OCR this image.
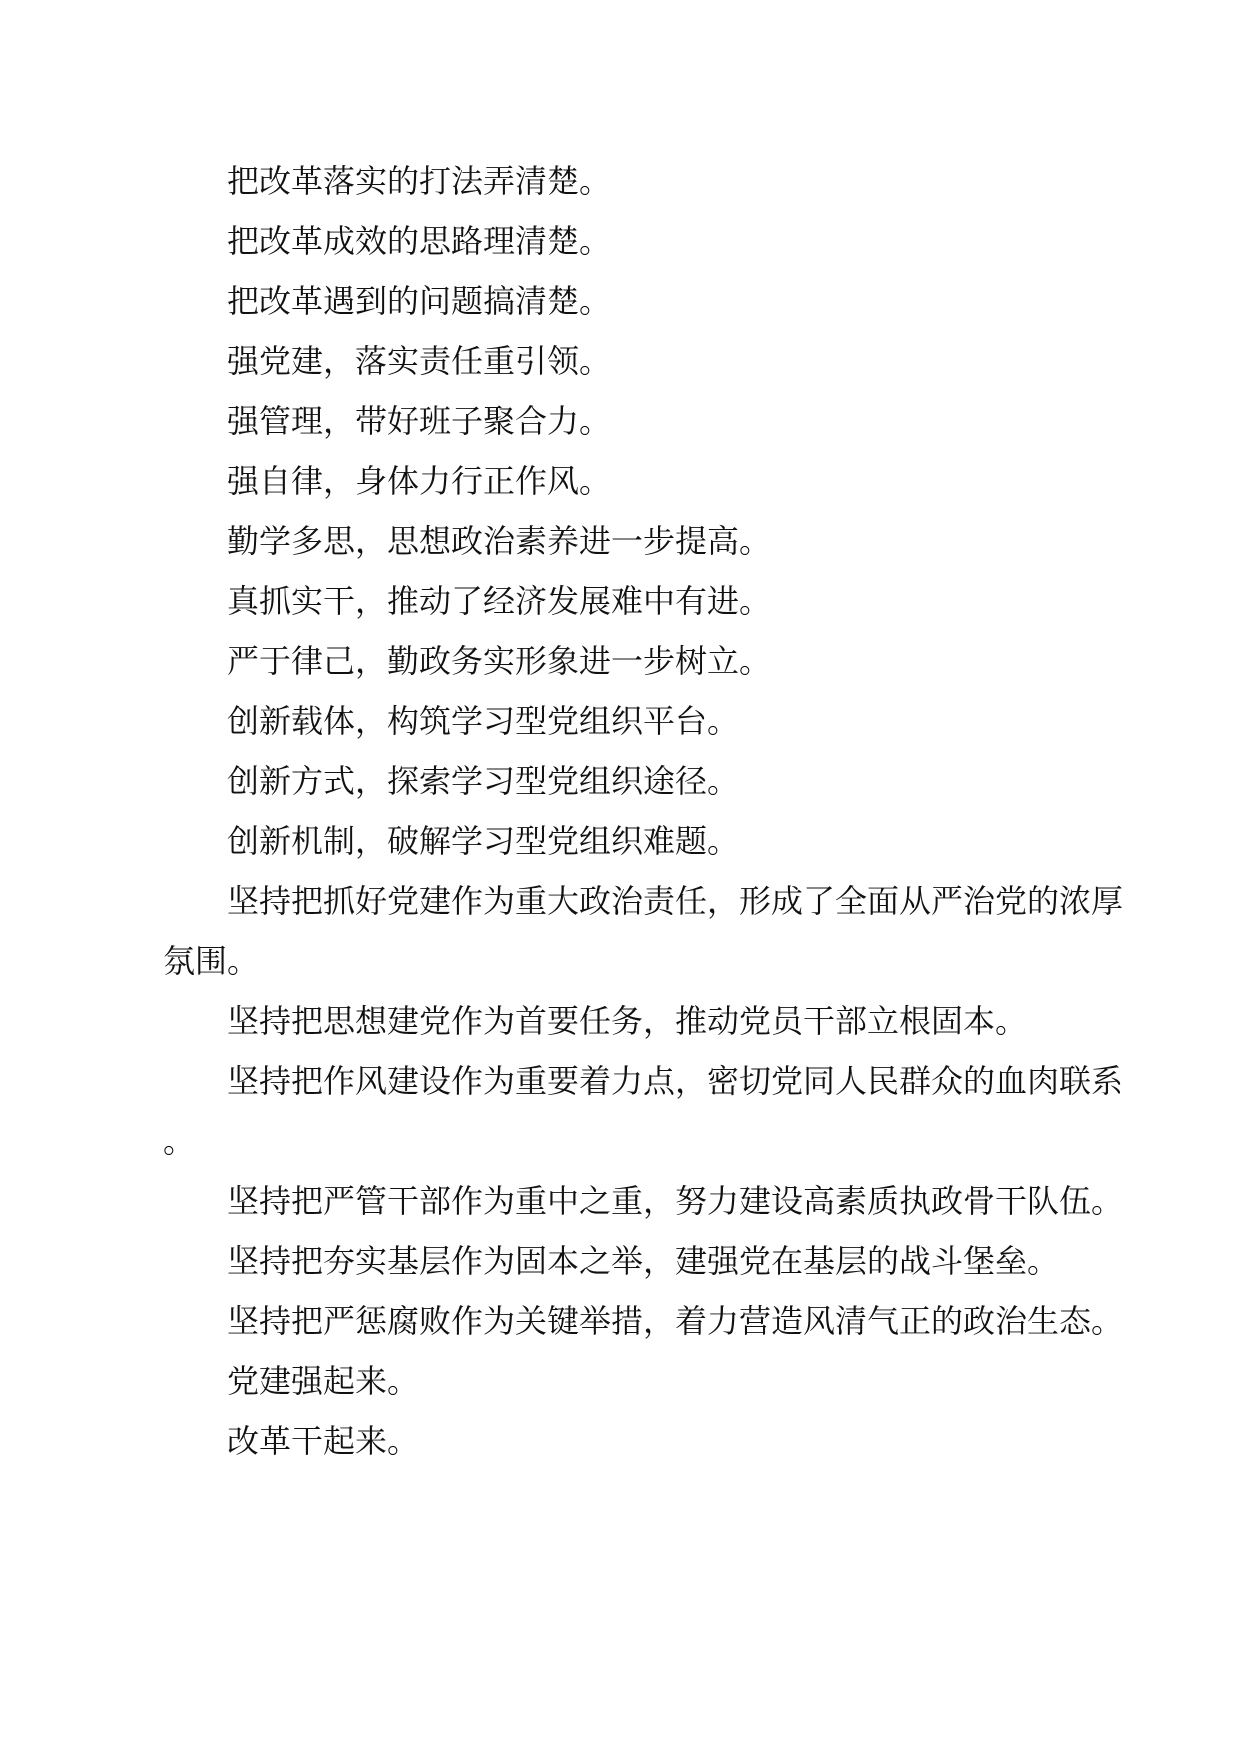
把改革落实的打法弄清楚。

把改革成效的思路理清楚。

把改革遇到的问题搞清楚。

强党建，落实责任重引领。

强管理，带好班子聚合力。

强自律，身体力行正作风。

勤学多思，思想政治素养进一步提高。

真抓实干，推动了经济发展难中有进。

严于律己，勤政务实形象进一步树立。

创新载体，构筑学习型党组织平台。

创新方式，探索学习型党组织途径。

创新机制，破解学习型党组织难题。

坚持把抓好党建作为重大政治责任，形成了全面从严治党的浓厚氛围。

坚持把思想建党作为首要任务，推动党员干部立根固本。

坚持把作风建设作为重要着力点，密切党同人民群众的血肉联系。

坚持把严管干部作为重中之重，努力建设高素质执政骨干队伍。

坚持把夯实基层作为固本之举，建强党在基层的战斗堡垒。

坚持把严惩腐败作为关键举措，着力营造风清气正的政治生态。

党建强起来。

改革干起来。
